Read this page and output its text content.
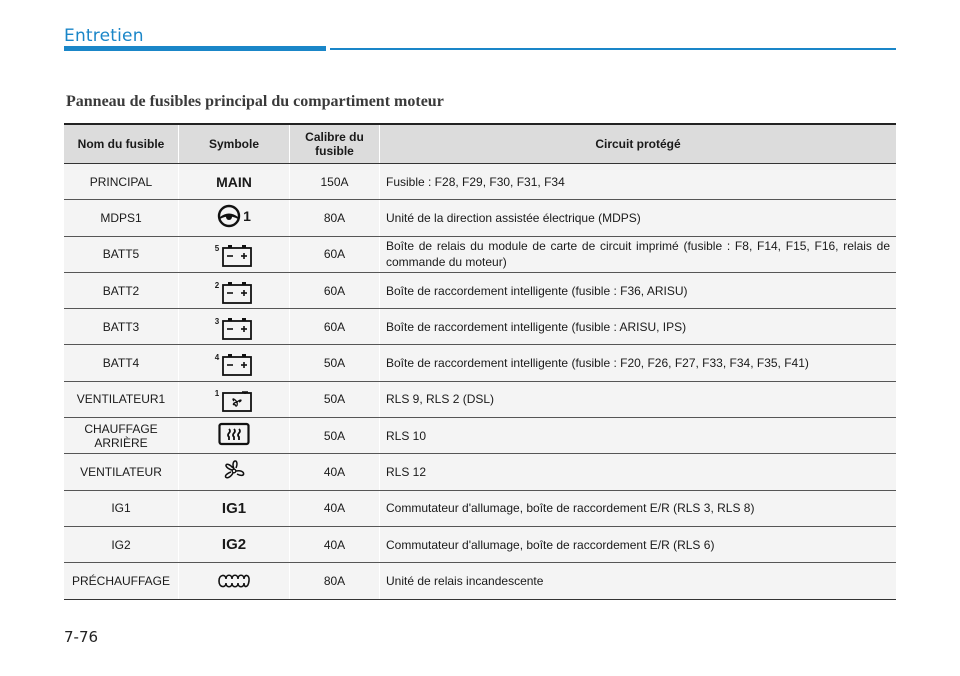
Entretien
Panneau de fusibles principal du compartiment moteur
Nom du fusible	Symbole	Calibre du fusible	Circuit protégé
PRINCIPAL	MAIN	150A	Fusible : F28, F29, F30, F31, F34
MDPS1	1	80A	Unité de la direction assistée électrique (MDPS)
BATT5	5	60A	Boîte de relais du module de carte de circuit imprimé (fusible : F8, F14, F15, F16, relais de commande du moteur)
BATT2	2	60A	Boîte de raccordement intelligente (fusible : F36, ARISU)
BATT3	3	60A	Boîte de raccordement intelligente (fusible : ARISU, IPS)
BATT4	4	50A	Boîte de raccordement intelligente (fusible : F20, F26, F27, F33, F34, F35, F41)
VENTILATEUR1	1	50A	RLS 9, RLS 2 (DSL)
CHAUFFAGE ARRIÈRE		50A	RLS 10
VENTILATEUR		40A	RLS 12
IG1	IG1	40A	Commutateur d'allumage, boîte de raccordement E/R (RLS 3, RLS 8)
IG2	IG2	40A	Commutateur d'allumage, boîte de raccordement E/R (RLS 6)
PRÉCHAUFFAGE		80A	Unité de relais incandescente
7-76
